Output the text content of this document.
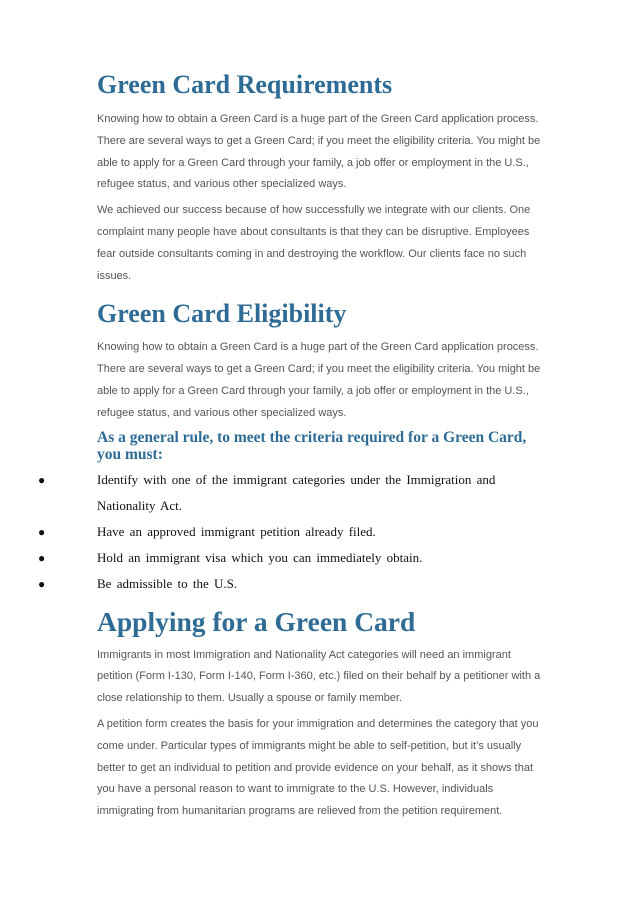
Green Card Requirements

Knowing how to obtain a Green Card is a huge part of the Green Card application process. There are several ways to get a Green Card; if you meet the eligibility criteria. You might be able to apply for a Green Card through your family, a job offer or employment in the U.S., refugee status, and various other specialized ways.

We achieved our success because of how successfully we integrate with our clients. One complaint many people have about consultants is that they can be disruptive. Employees fear outside consultants coming in and destroying the workflow. Our clients face no such issues.

Green Card Eligibility

Knowing how to obtain a Green Card is a huge part of the Green Card application process. There are several ways to get a Green Card; if you meet the eligibility criteria. You might be able to apply for a Green Card through your family, a job offer or employment in the U.S., refugee status, and various other specialized ways.

As a general rule, to meet the criteria required for a Green Card, you must:
●	Identify with one of the immigrant categories under the Immigration and Nationality Act.
●	Have an approved immigrant petition already filed.
●	Hold an immigrant visa which you can immediately obtain.
●	Be admissible to the U.S.
Applying for a Green Card

Immigrants in most Immigration and Nationality Act categories will need an immigrant petition (Form I-130, Form I-140, Form I-360, etc.) filed on their behalf by a petitioner with a close relationship to them. Usually a spouse or family member.

A petition form creates the basis for your immigration and determines the category that you come under. Particular types of immigrants might be able to self-petition, but it’s usually better to get an individual to petition and provide evidence on your behalf, as it shows that you have a personal reason to want to immigrate to the U.S. However, individuals immigrating from humanitarian programs are relieved from the petition requirement.
